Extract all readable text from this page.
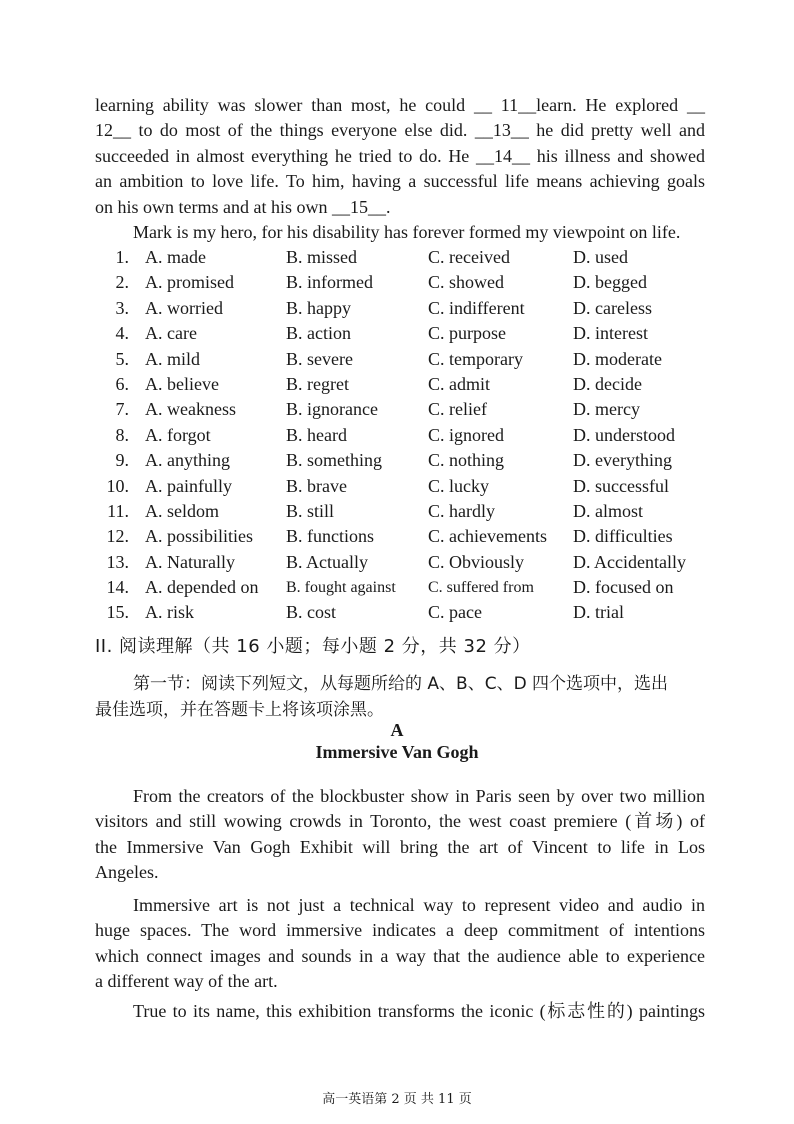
learning ability was slower than most, he could __ 11__learn. He explored __
12__ to do most of the things everyone else did. __13__ he did pretty well and
succeeded in almost everything he tried to do. He __14__ his illness and showed
an ambition to love life. To him, having a successful life means achieving goals
on his own terms and at his own __15__.
Mark is my hero, for his disability has forever formed my viewpoint on life.
1. A. made	B. missed	C. received	D. used
2. A. promised	B. informed	C. showed	D. begged
3. A. worried	B. happy	C. indifferent	D. careless
4. A. care	B. action	C. purpose	D. interest
5. A. mild	B. severe	C. temporary	D. moderate
6. A. believe	B. regret	C. admit	D. decide
7. A. weakness	B. ignorance	C. relief	D. mercy
8. A. forgot	B. heard	C. ignored	D. understood
9. A. anything	B. something	C. nothing	D. everything
10. A. painfully	B. brave	C. lucky	D. successful
11. A. seldom	B. still	C. hardly	D. almost
12. A. possibilities B. functions	C. achievements D. difficulties
13. A. Naturally	B. Actually	C. Obviously	D. Accidentally
14. A. depended on B. fought against C. suffered from D. focused on
15. A. risk	B. cost	C. pace	D. trial
II. 阅读理解（共 16 小题；每小题 2 分，共 32 分）
第一节：阅读下列短文，从每题所给的 A、B、C、D 四个选项中，选出
最佳选项，并在答题卡上将该项涂黑。
A
Immersive Van Gogh
From the creators of the blockbuster show in Paris seen by over two million
visitors and still wowing crowds in Toronto, the west coast premiere (首场) of
the Immersive Van Gogh Exhibit will bring the art of Vincent to life in Los
Angeles.
Immersive art is not just a technical way to represent video and audio in
huge spaces. The word immersive indicates a deep commitment of intentions
which connect images and sounds in a way that the audience able to experience
a different way of the art.
True to its name, this exhibition transforms the iconic (标志性的) paintings
高一英语第 2 页 共 11 页
